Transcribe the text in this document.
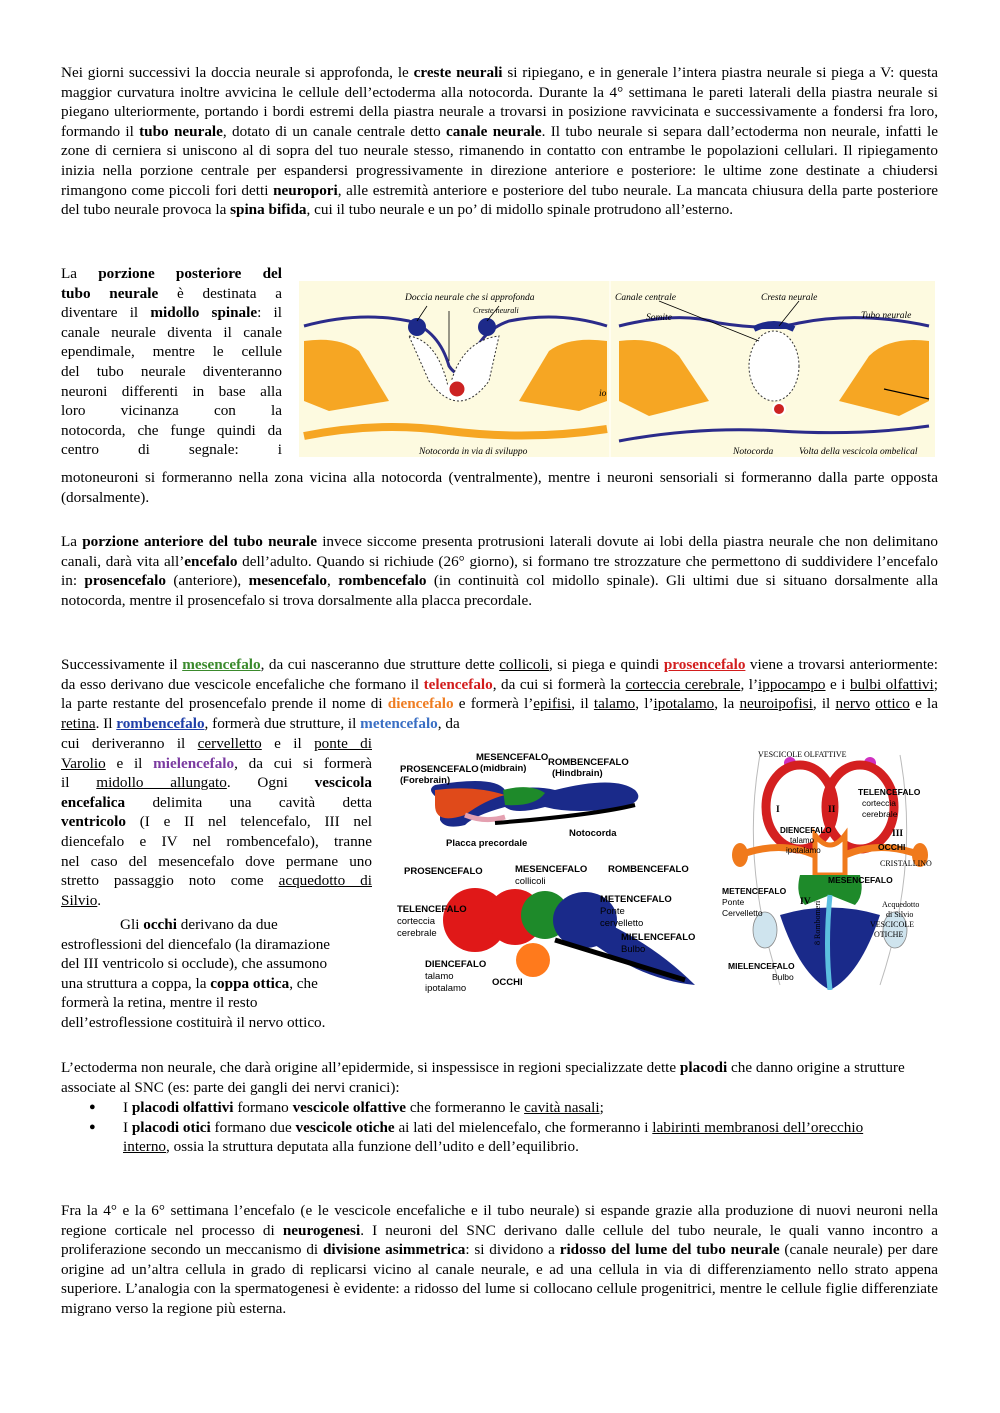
Nei giorni successivi la doccia neurale si approfonda, le creste neurali si ripiegano, e in generale l’intera piastra neurale si piega a V: questa maggior curvatura inoltre avvicina le cellule dell’ectoderma alla notocorda. Durante la 4° settimana le pareti laterali della piastra neurale si piegano ulteriormente, portando i bordi estremi della piastra neurale a trovarsi in posizione ravvicinata e successivamente a fondersi fra loro, formando il tubo neurale, dotato di un canale centrale detto canale neurale. Il tubo neurale si separa dall’ectoderma non neurale, infatti le zone di cerniera si uniscono al di sopra del tuo neurale stesso, rimanendo in contatto con entrambe le popolazioni cellulari. Il ripiegamento inizia nella porzione centrale per espandersi progressivamente in direzione anteriore e posteriore: le ultime zone destinate a chiudersi rimangono come piccoli fori detti neuropori, alle estremità anteriore e posteriore del tubo neurale. La mancata chiusura della parte posteriore del tubo neurale provoca la spina bifida, cui il tubo neurale e un po’ di midollo spinale protrudono all’esterno.
La porzione posteriore del
tubo neurale è destinata a
diventare il midollo spinale: il
canale neurale diventa il canale
ependimale, mentre le cellule
del tubo neurale diventeranno
neuroni differenti in base alla
loro vicinanza con la
notocorda, che funge quindi da
centro di segnale: i
motoneuroni si formeranno nella zona vicina alla notocorda (ventralmente), mentre i neuroni sensoriali si formeranno dalla parte opposta (dorsalmente).
Doccia neurale che si approfonda
Creste neurali
Notocorda in via di sviluppo
io
Canale centrale	Cresta neurale
Somite	Tubo neurale
Notocorda	Volta della vescicola ombelical
La porzione anteriore del tubo neurale invece siccome presenta protrusioni laterali dovute ai lobi della piastra neurale che non delimitano canali, darà vita all’encefalo dell’adulto. Quando si richiude (26° giorno), si formano tre strozzature che permettono di suddividere l’encefalo in: prosencefalo (anteriore), mesencefalo, rombencefalo (in continuità col midollo spinale). Gli ultimi due si situano dorsalmente alla notocorda, mentre il prosencefalo si trova dorsalmente alla placca precordale.
Successivamente il mesencefalo, da cui nasceranno due strutture dette collicoli, si piega e quindi prosencefalo viene a trovarsi anteriormente: da esso derivano due vescicole encefaliche che formano il telencefalo, da cui si formerà la corteccia cerebrale, l’ippocampo e i bulbi olfattivi; la parte restante del prosencefalo prende il nome di diencefalo e formerà l’epifisi, il talamo, l’ipotalamo, la neuroipofisi, il nervo ottico e la retina. Il rombencefalo, formerà due strutture, il metencefalo, da
cui deriveranno il cervelletto e il ponte di
Varolio e il mielencefalo, da cui si formerà
il midollo allungato. Ogni vescicola
encefalica delimita una cavità detta
ventricolo (I e II nel telencefalo, III nel
diencefalo e IV nel rombencefalo), tranne
nel caso del mesencefalo dove permane uno
stretto passaggio noto come acquedotto di
Silvio.
Gli occhi derivano da due
estroflessioni del diencefalo (la diramazione
del III ventricolo si occlude), che assumono
una struttura a coppa, la coppa ottica, che
formerà la retina, mentre il resto
dell’estroflessione costituirà il nervo ottico.
MESENCEFALO
(midbrain)
ROMBENCEFALO
(Hindbrain)
PROSENCEFALO
(Forebrain)
Notocorda
Placca precordale
PROSENCEFALO	MESENCEFALO
collicoli
ROMBENCEFALO
TELENCEFALO
corteccia
cerebrale
METENCEFALO
Ponte
cervelletto
MIELENCEFALO
Bulbo
DIENCEFALO
talamo
ipotalamo
OCCHI
VESCICOLE OLFATTIVE
TELENCEFALO
corteccia
cerebrale
I	II
III
DIENCEFALO
talamo
ipotalamo	OCCHI
CRISTALLINO
MESENCEFALO
METENCEFALO
Ponte
Cervelletto
IV	Acquedotto
di Silvio
VESCICOLE
OTICHE
8 Rombomeri
MIELENCEFALO
Bulbo
L’ectoderma non neurale, che darà origine all’epidermide, si inspessisce in regioni specializzate dette placodi che danno origine a strutture associate al SNC (es: parte dei gangli dei nervi cranici):
● I placodi olfattivi formano vescicole olfattive che formeranno le cavità nasali;
● I placodi otici formano due vescicole otiche ai lati del mielencefalo, che formeranno i labirinti membranosi dell’orecchio interno, ossia la struttura deputata alla funzione dell’udito e dell’equilibrio.
Fra la 4° e la 6° settimana l’encefalo (e le vescicole encefaliche e il tubo neurale) si espande grazie alla produzione di nuovi neuroni nella regione corticale nel processo di neurogenesi. I neuroni del SNC derivano dalle cellule del tubo neurale, le quali vanno incontro a proliferazione secondo un meccanismo di divisione asimmetrica: si dividono a ridosso del lume del tubo neurale (canale neurale) per dare origine ad un’altra cellula in grado di replicarsi vicino al canale neurale, e ad una cellula in via di differenziamento nello strato appena superiore. L’analogia con la spermatogenesi è evidente: a ridosso del lume si collocano cellule progenitrici, mentre le cellule figlie differenziate migrano verso la regione più esterna.
